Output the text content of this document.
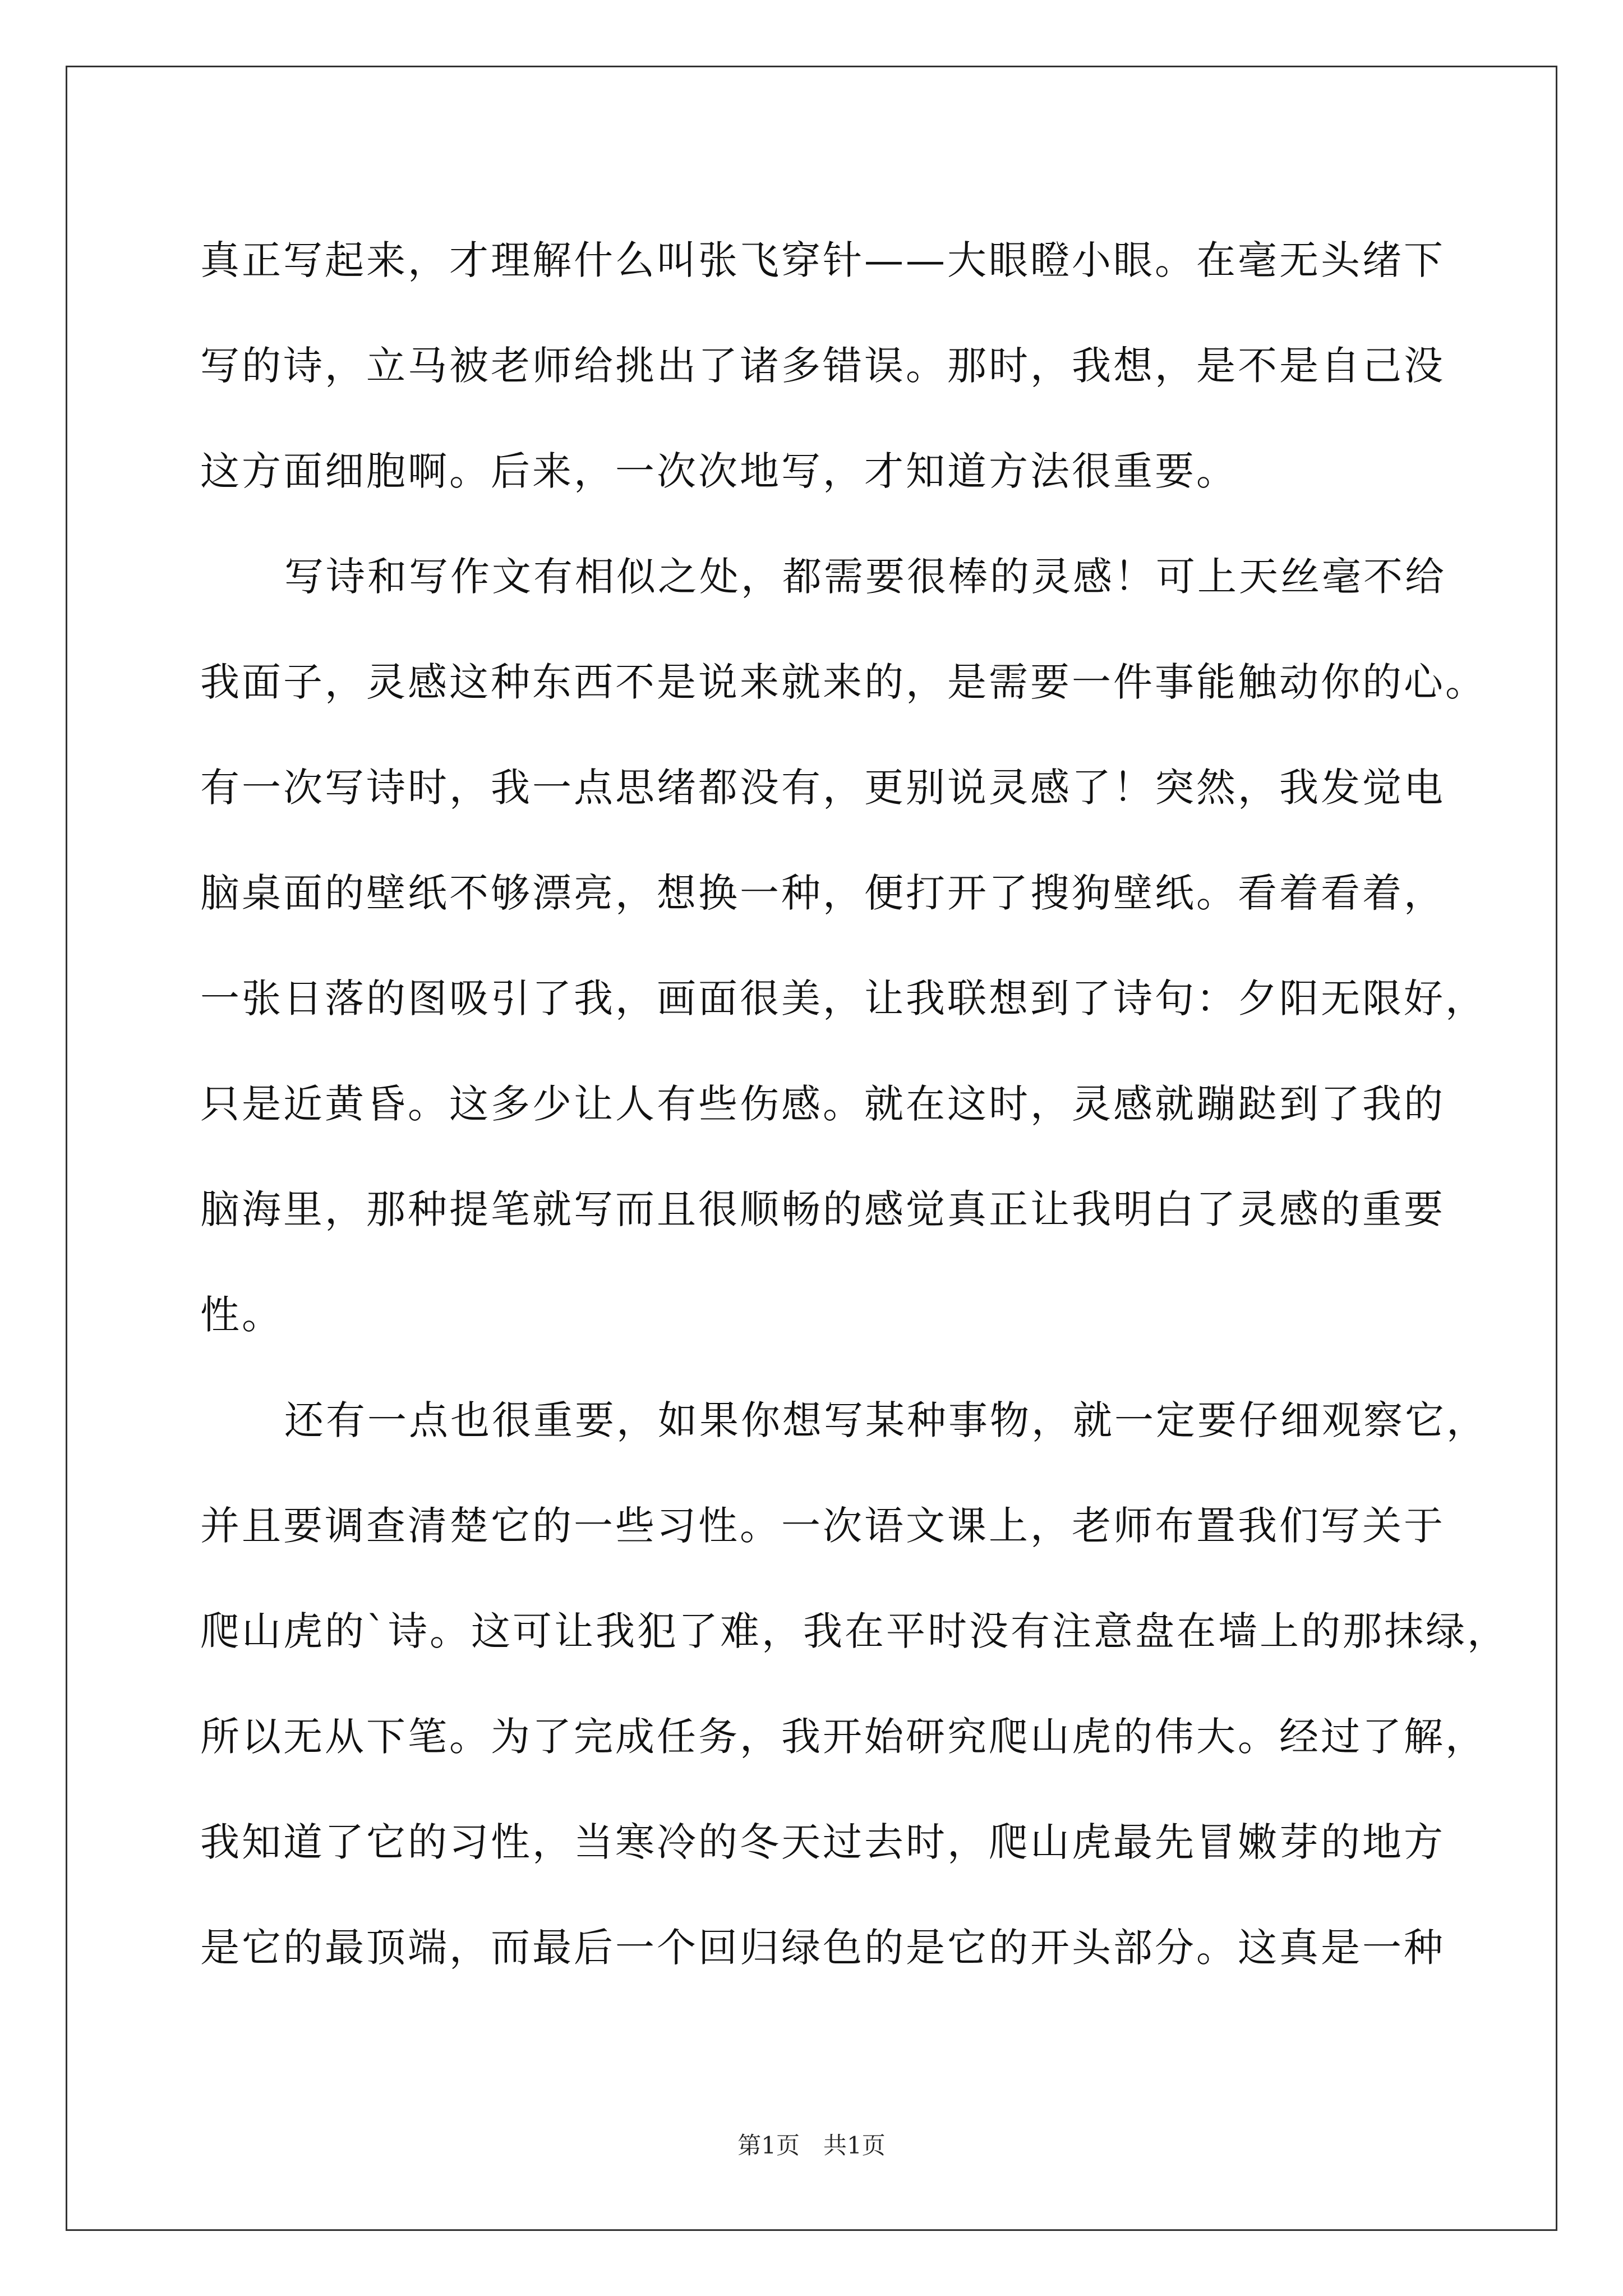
真正写起来，才理解什么叫张飞穿针——大眼瞪小眼。在毫无头绪下
写的诗，立马被老师给挑出了诸多错误。那时，我想，是不是自己没
这方面细胞啊。后来，一次次地写，才知道方法很重要。
写诗和写作文有相似之处，都需要很棒的灵感！可上天丝毫不给
我面子，灵感这种东西不是说来就来的，是需要一件事能触动你的心。
有一次写诗时，我一点思绪都没有，更别说灵感了！突然，我发觉电
脑桌面的壁纸不够漂亮，想换一种，便打开了搜狗壁纸。看着看着，
一张日落的图吸引了我，画面很美，让我联想到了诗句：夕阳无限好，
只是近黄昏。这多少让人有些伤感。就在这时，灵感就蹦跶到了我的
脑海里，那种提笔就写而且很顺畅的感觉真正让我明白了灵感的重要
性。
还有一点也很重要，如果你想写某种事物，就一定要仔细观察它，
并且要调查清楚它的一些习性。一次语文课上，老师布置我们写关于
爬山虎的`诗。这可让我犯了难，我在平时没有注意盘在墙上的那抹绿，
所以无从下笔。为了完成任务，我开始研究爬山虎的伟大。经过了解，
我知道了它的习性，当寒冷的冬天过去时，爬山虎最先冒嫩芽的地方
是它的最顶端，而最后一个回归绿色的是它的开头部分。这真是一种
第1页　共1页
